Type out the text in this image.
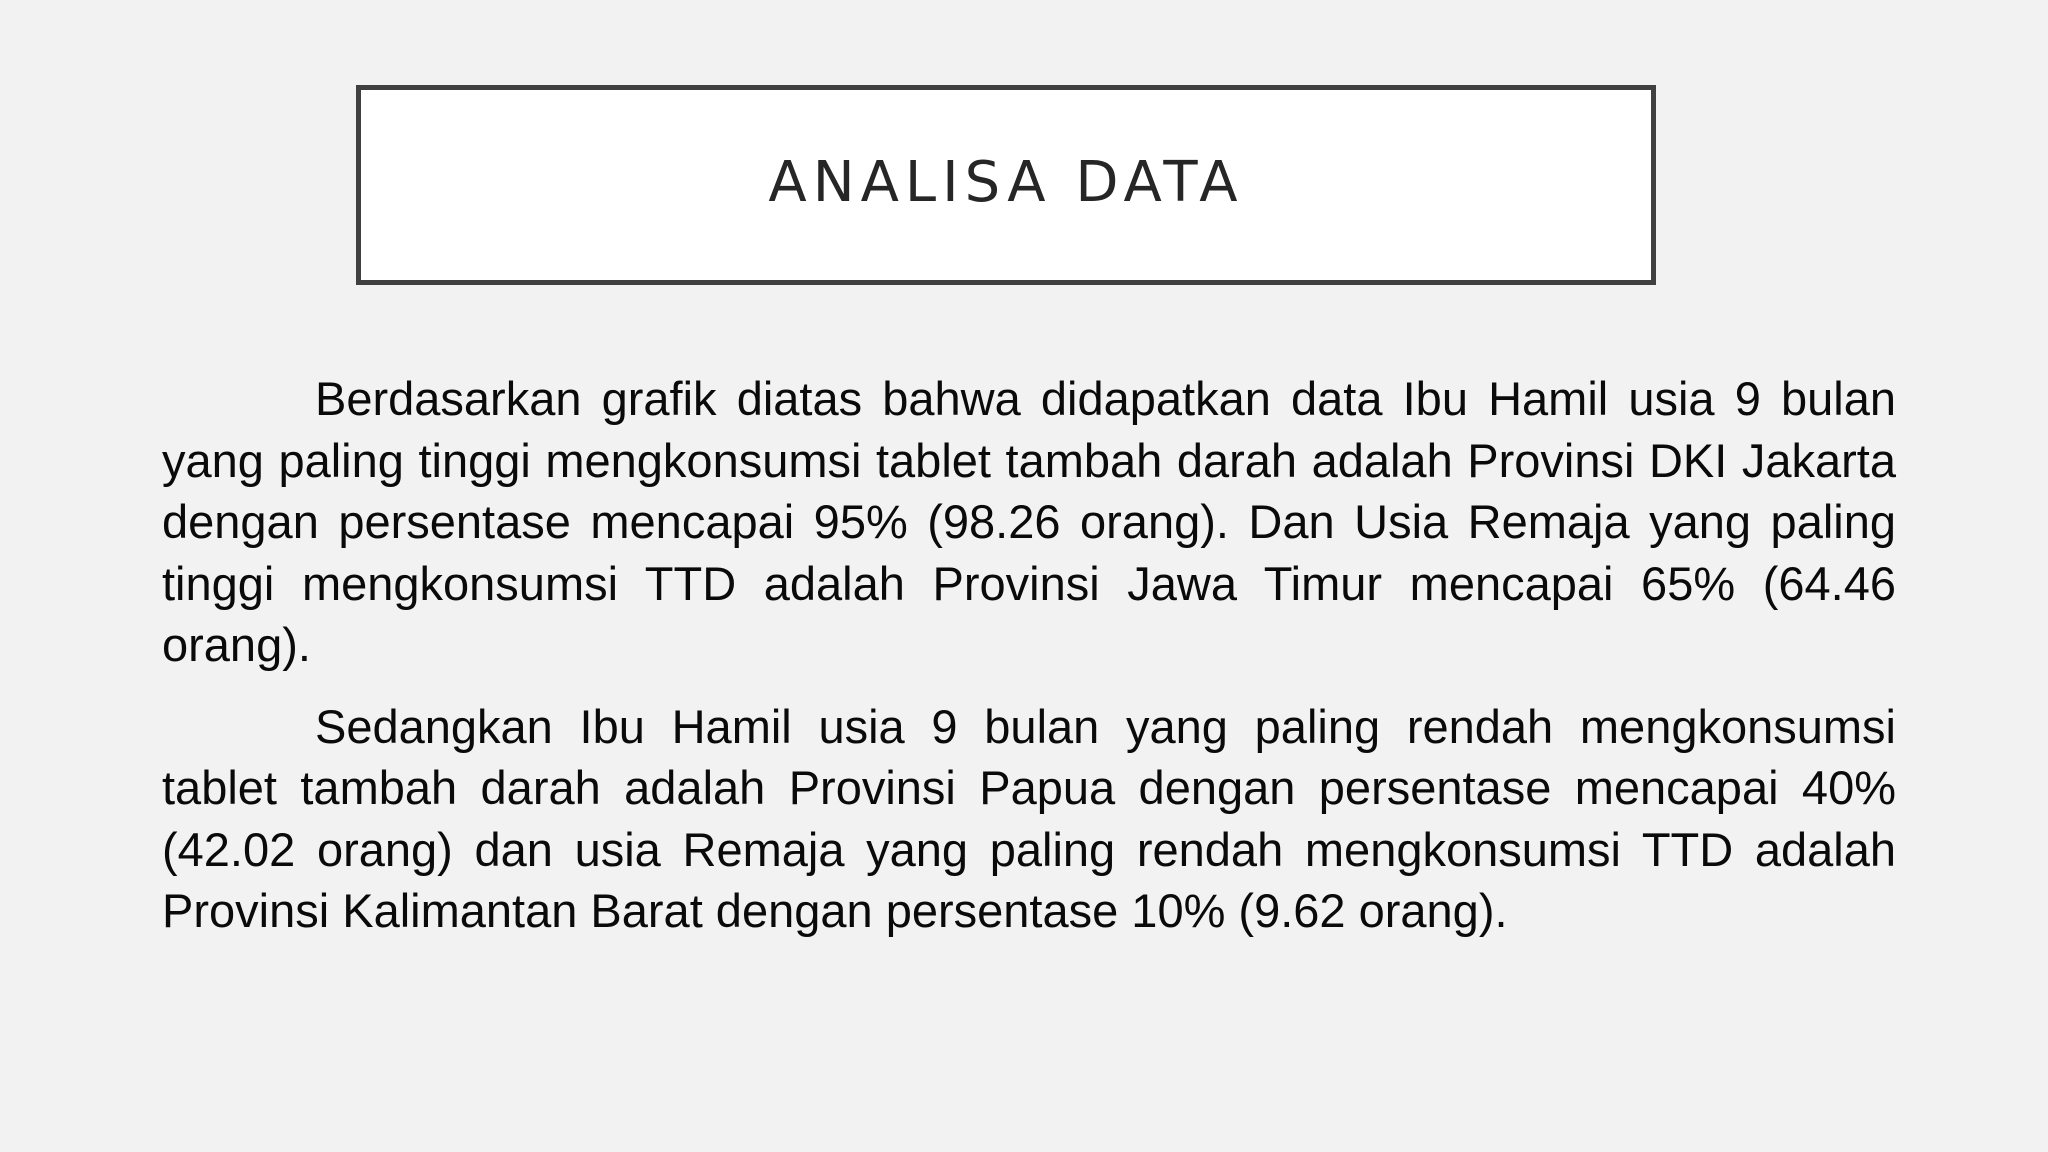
ANALISA DATA

Berdasarkan grafik diatas bahwa didapatkan data Ibu Hamil usia 9 bulan yang paling tinggi mengkonsumsi tablet tambah darah adalah Provinsi DKI Jakarta dengan persentase mencapai 95% (98.26 orang). Dan Usia Remaja yang paling tinggi mengkonsumsi TTD adalah Provinsi Jawa Timur mencapai 65% (64.46 orang).

Sedangkan Ibu Hamil usia 9 bulan yang paling rendah mengkonsumsi tablet tambah darah adalah Provinsi Papua dengan persentase mencapai 40% (42.02 orang) dan usia Remaja yang paling rendah mengkonsumsi TTD adalah Provinsi Kalimantan Barat dengan persentase 10% (9.62 orang).
